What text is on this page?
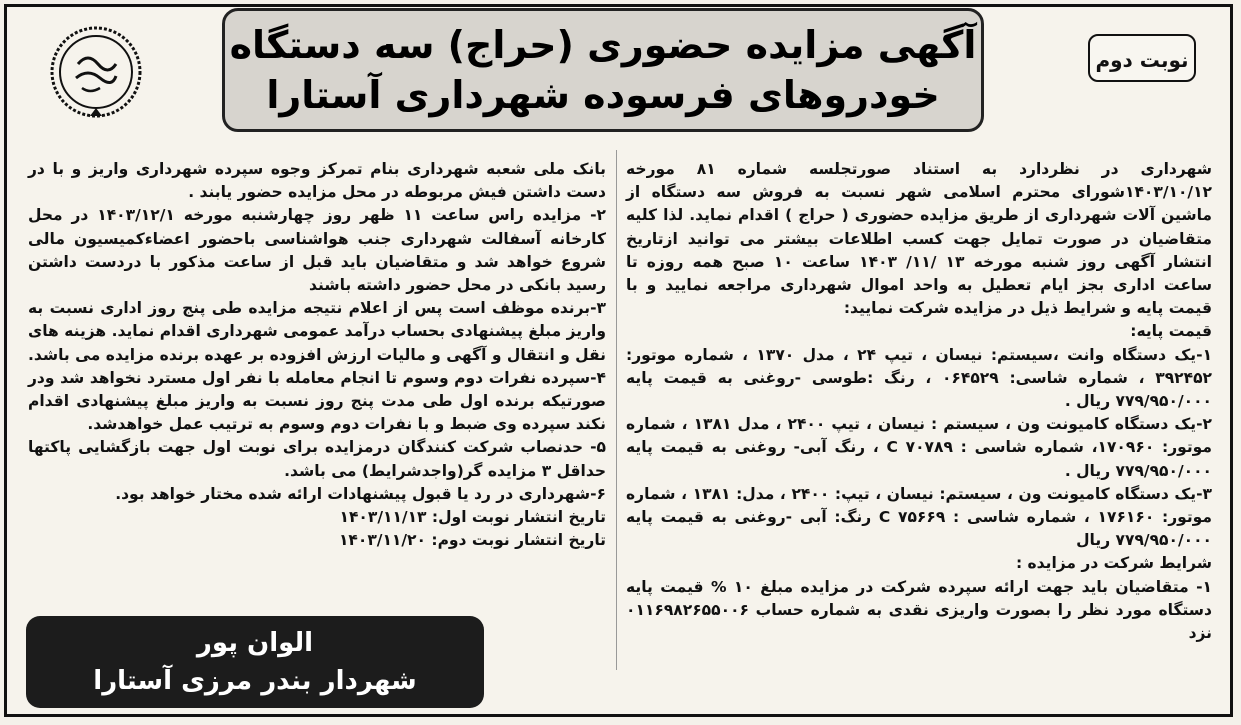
آگهی مزایده حضوری (حراج) سه دستگاه
خودروهای فرسوده شهرداری آستارا
نوبت دوم

شهرداری در نظردارد به استناد صورتجلسه شماره ۸۱ مورخه ۱۴۰۳/۱۰/۱۲شورای محترم اسلامی شهر نسبت به فروش سه دستگاه از ماشین آلات شهرداری از طریق مزایده حضوری ( حراج ) اقدام نماید. لذا کلیه متقاضیان در صورت تمایل جهت کسب اطلاعات بیشتر می توانید ازتاریخ انتشار آگهی روز شنبه مورخه ۱۳ /۱۱/ ۱۴۰۳ ساعت ۱۰ صبح همه روزه تا ساعت اداری بجز ایام تعطیل به واحد اموال شهرداری مراجعه نمایید و با قیمت پایه و شرایط ذیل در مزایده شرکت نمایید:

قیمت پایه:

۱-یک دستگاه وانت ،سیستم: نیسان ، تیپ ۲۴ ، مدل ۱۳۷۰ ، شماره موتور: ۳۹۲۴۵۲ ، شماره شاسی: ۰۶۴۵۲۹ ، رنگ :طوسی -روغنی به قیمت پایه ۷۷۹/۹۵۰/۰۰۰ ریال .

۲-یک دستگاه کامیونت ون ، سیستم : نیسان ، تیپ ۲۴۰۰ ، مدل ۱۳۸۱ ، شماره موتور: ۱۷۰۹۶۰، شماره شاسی : C ۷۰۷۸۹ ، رنگ آبی- روغنی به قیمت پایه ۷۷۹/۹۵۰/۰۰۰ ریال .

۳-یک دستگاه کامیونت ون ، سیستم: نیسان ، تیپ: ۲۴۰۰ ، مدل: ۱۳۸۱ ، شماره موتور: ۱۷۶۱۶۰ ، شماره شاسی : C ۷۵۶۶۹ رنگ: آبی -روغنی به قیمت پایه ۷۷۹/۹۵۰/۰۰۰ ریال

شرایط شرکت در مزایده :

۱- متقاضیان باید جهت ارائه سپرده شرکت در مزایده مبلغ ۱۰ % قیمت پایه دستگاه مورد نظر را بصورت واریزی نقدی به شماره حساب ۰۱۱۶۹۸۲۶۵۵۰۰۶ نزد

بانک ملی شعبه شهرداری بنام تمرکز وجوه سپرده شهرداری واریز و با در دست داشتن فیش مربوطه در محل مزایده حضور یابند .

۲- مزایده راس ساعت ۱۱ ظهر روز چهارشنبه مورخه ۱۴۰۳/۱۲/۱ در محل کارخانه آسفالت شهرداری جنب هواشناسی باحضور اعضاءکمیسیون مالی شروع خواهد شد و متقاضیان باید قبل از ساعت مذکور با دردست داشتن رسید بانکی در محل حضور داشته باشند

۳-برنده موظف است پس از اعلام نتیجه مزایده طی پنج روز اداری نسبت به واریز مبلغ پیشنهادی بحساب درآمد عمومی شهرداری اقدام نماید. هزینه های نقل و انتقال و آگهی و مالیات ارزش افزوده بر عهده برنده مزایده می باشد.

۴-سپرده نفرات دوم وسوم تا انجام معامله با نفر اول مسترد نخواهد شد ودر صورتیکه برنده اول طی مدت پنج روز نسبت به واریز مبلغ پیشنهادی اقدام نکند سپرده وی ضبط و با نفرات دوم وسوم به ترتیب عمل خواهدشد.

۵- حدنصاب شرکت کنندگان درمزایده برای نوبت اول جهت بازگشایی پاکتها حداقل ۳ مزایده گر(واجدشرایط) می باشد.

۶-شهرداری در رد یا قبول پیشنهادات ارائه شده مختار خواهد بود.

تاریخ انتشار نوبت اول: ۱۴۰۳/۱۱/۱۳

تاریخ انتشار نوبت دوم: ۱۴۰۳/۱۱/۲۰

الوان پور
شهردار بندر مرزی آستارا
